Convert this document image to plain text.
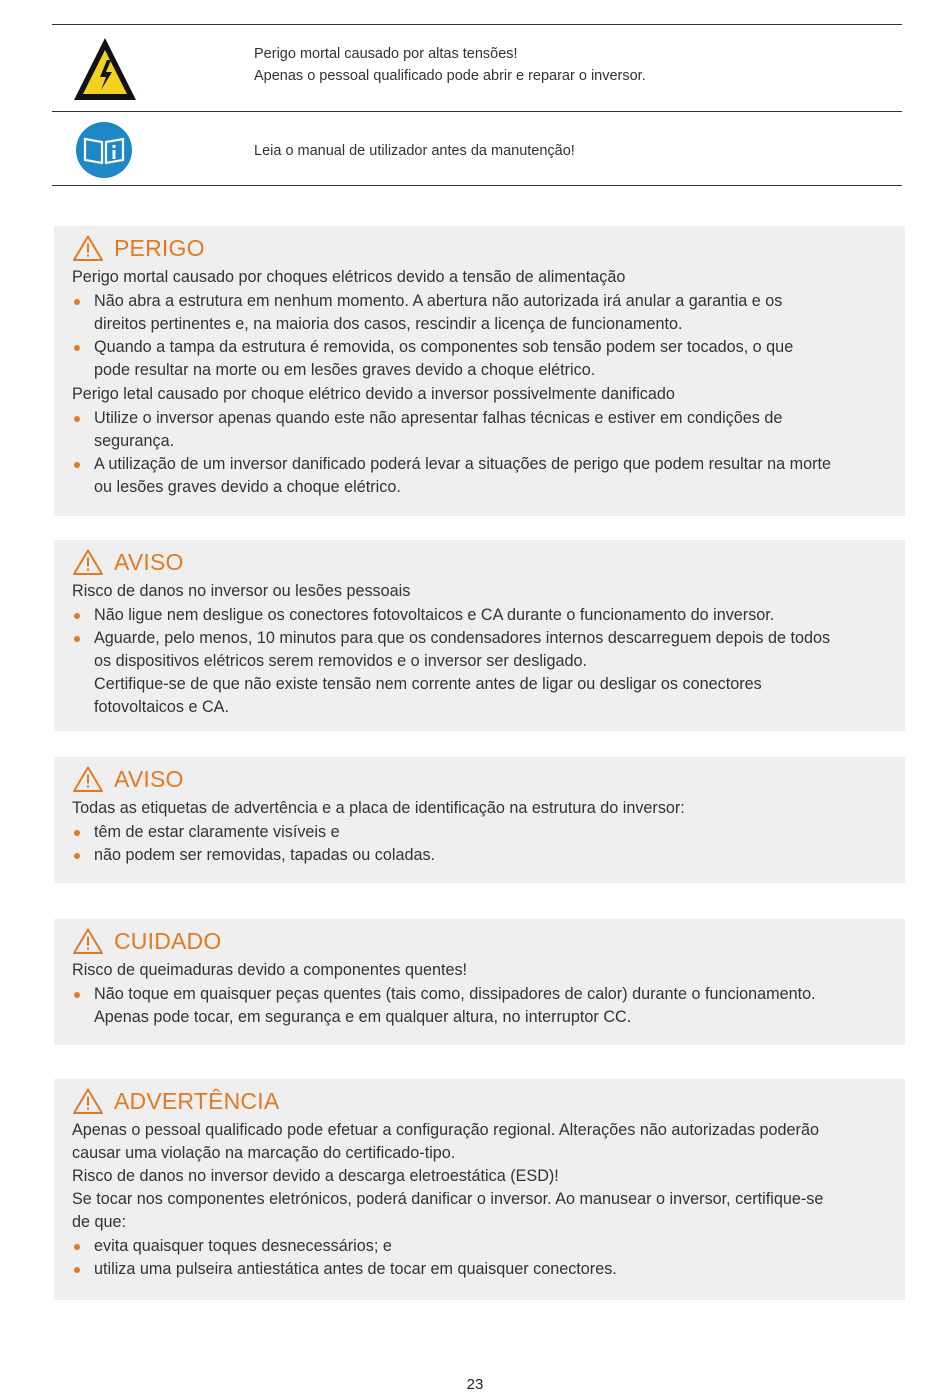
Perigo mortal causado por altas tensões!
Apenas o pessoal qualificado pode abrir e reparar o inversor.
Leia o manual de utilizador antes da manutenção!
PERIGO
Perigo mortal causado por choques elétricos devido a tensão de alimentação
Não abra a estrutura em nenhum momento. A abertura não autorizada irá anular a garantia e os
direitos pertinentes e, na maioria dos casos, rescindir a licença de funcionamento.
Quando a tampa da estrutura é removida, os componentes sob tensão podem ser tocados, o que
pode resultar na morte ou em lesões graves devido a choque elétrico.
Perigo letal causado por choque elétrico devido a inversor possivelmente danificado
Utilize o inversor apenas quando este não apresentar falhas técnicas e estiver em condições de
segurança.
A utilização de um inversor danificado poderá levar a situações de perigo que podem resultar na morte
ou lesões graves devido a choque elétrico.
AVISO
Risco de danos no inversor ou lesões pessoais
Não ligue nem desligue os conectores fotovoltaicos e CA durante o funcionamento do inversor.
Aguarde, pelo menos, 10 minutos para que os condensadores internos descarreguem depois de todos
os dispositivos elétricos serem removidos e o inversor ser desligado.
Certifique-se de que não existe tensão nem corrente antes de ligar ou desligar os conectores
fotovoltaicos e CA.
AVISO
Todas as etiquetas de advertência e a placa de identificação na estrutura do inversor:
têm de estar claramente visíveis e
não podem ser removidas, tapadas ou coladas.
CUIDADO
Risco de queimaduras devido a componentes quentes!
Não toque em quaisquer peças quentes (tais como, dissipadores de calor) durante o funcionamento.
Apenas pode tocar, em segurança e em qualquer altura, no interruptor CC.
ADVERTÊNCIA
Apenas o pessoal qualificado pode efetuar a configuração regional. Alterações não autorizadas poderão
causar uma violação na marcação do certificado-tipo.
Risco de danos no inversor devido a descarga eletroestática (ESD)!
Se tocar nos componentes eletrónicos, poderá danificar o inversor. Ao manusear o inversor, certifique-se
de que:
evita quaisquer toques desnecessários; e
utiliza uma pulseira antiestática antes de tocar em quaisquer conectores.
23
